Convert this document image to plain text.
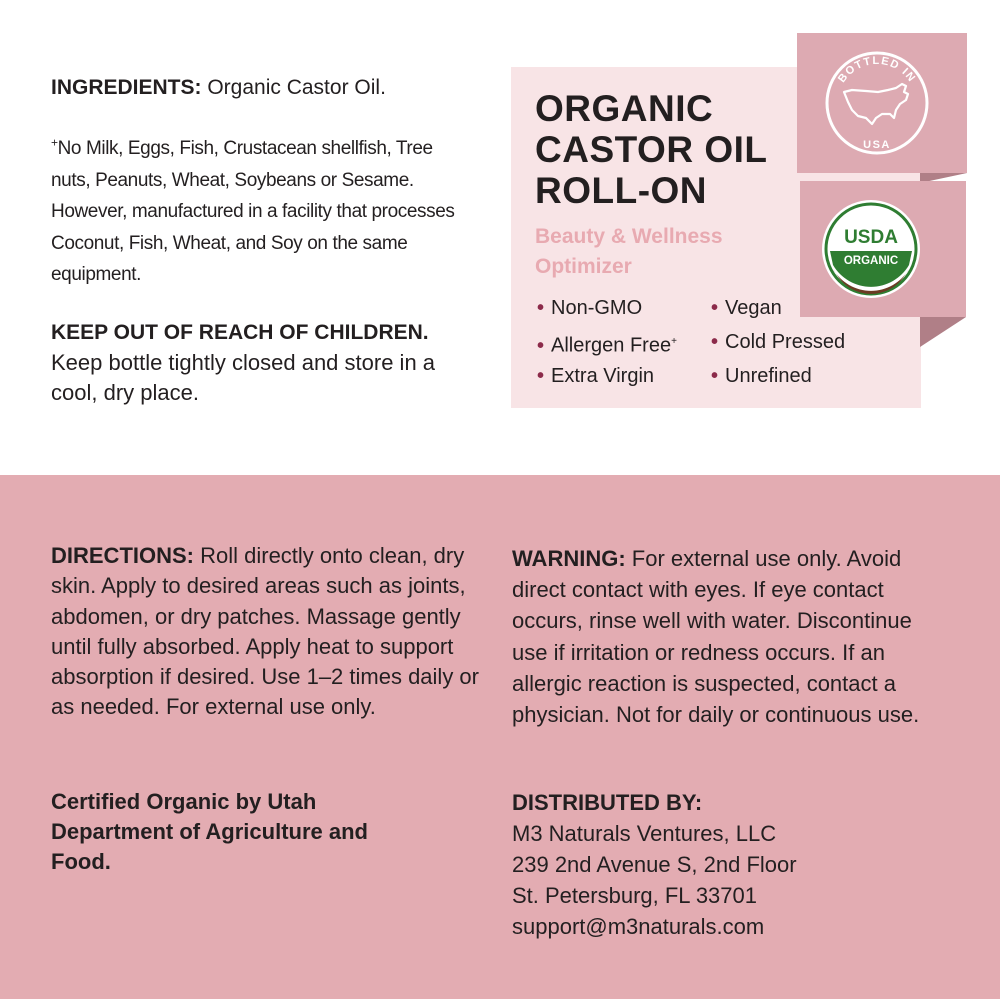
INGREDIENTS: Organic Castor Oil.
+No Milk, Eggs, Fish, Crustacean shellfish, Tree nuts, Peanuts, Wheat, Soybeans or Sesame. However, manufactured in a facility that processes Coconut, Fish, Wheat, and Soy on the same equipment.
KEEP OUT OF REACH OF CHILDREN.
Keep bottle tightly closed and store in a cool, dry place.
ORGANIC
CASTOR OIL
ROLL-ON
Beauty & Wellness
Optimizer
• Non-GMO
• Allergen Free+
• Extra Virgin
• Vegan
• Cold Pressed
• Unrefined
BOTTLED IN
USA
USDA
ORGANIC
DIRECTIONS: Roll directly onto clean, dry skin. Apply to desired areas such as joints, abdomen, or dry patches. Massage gently until fully absorbed. Apply heat to support absorption if desired. Use 1–2 times daily or as needed. For external use only.
Certified Organic by Utah Department of Agriculture and Food.
WARNING: For external use only. Avoid direct contact with eyes. If eye contact occurs, rinse well with water. Discontinue use if irritation or redness occurs. If an allergic reaction is suspected, contact a physician. Not for daily or continuous use.
DISTRIBUTED BY:
M3 Naturals Ventures, LLC
239 2nd Avenue S, 2nd Floor
St. Petersburg, FL 33701
support@m3naturals.com
